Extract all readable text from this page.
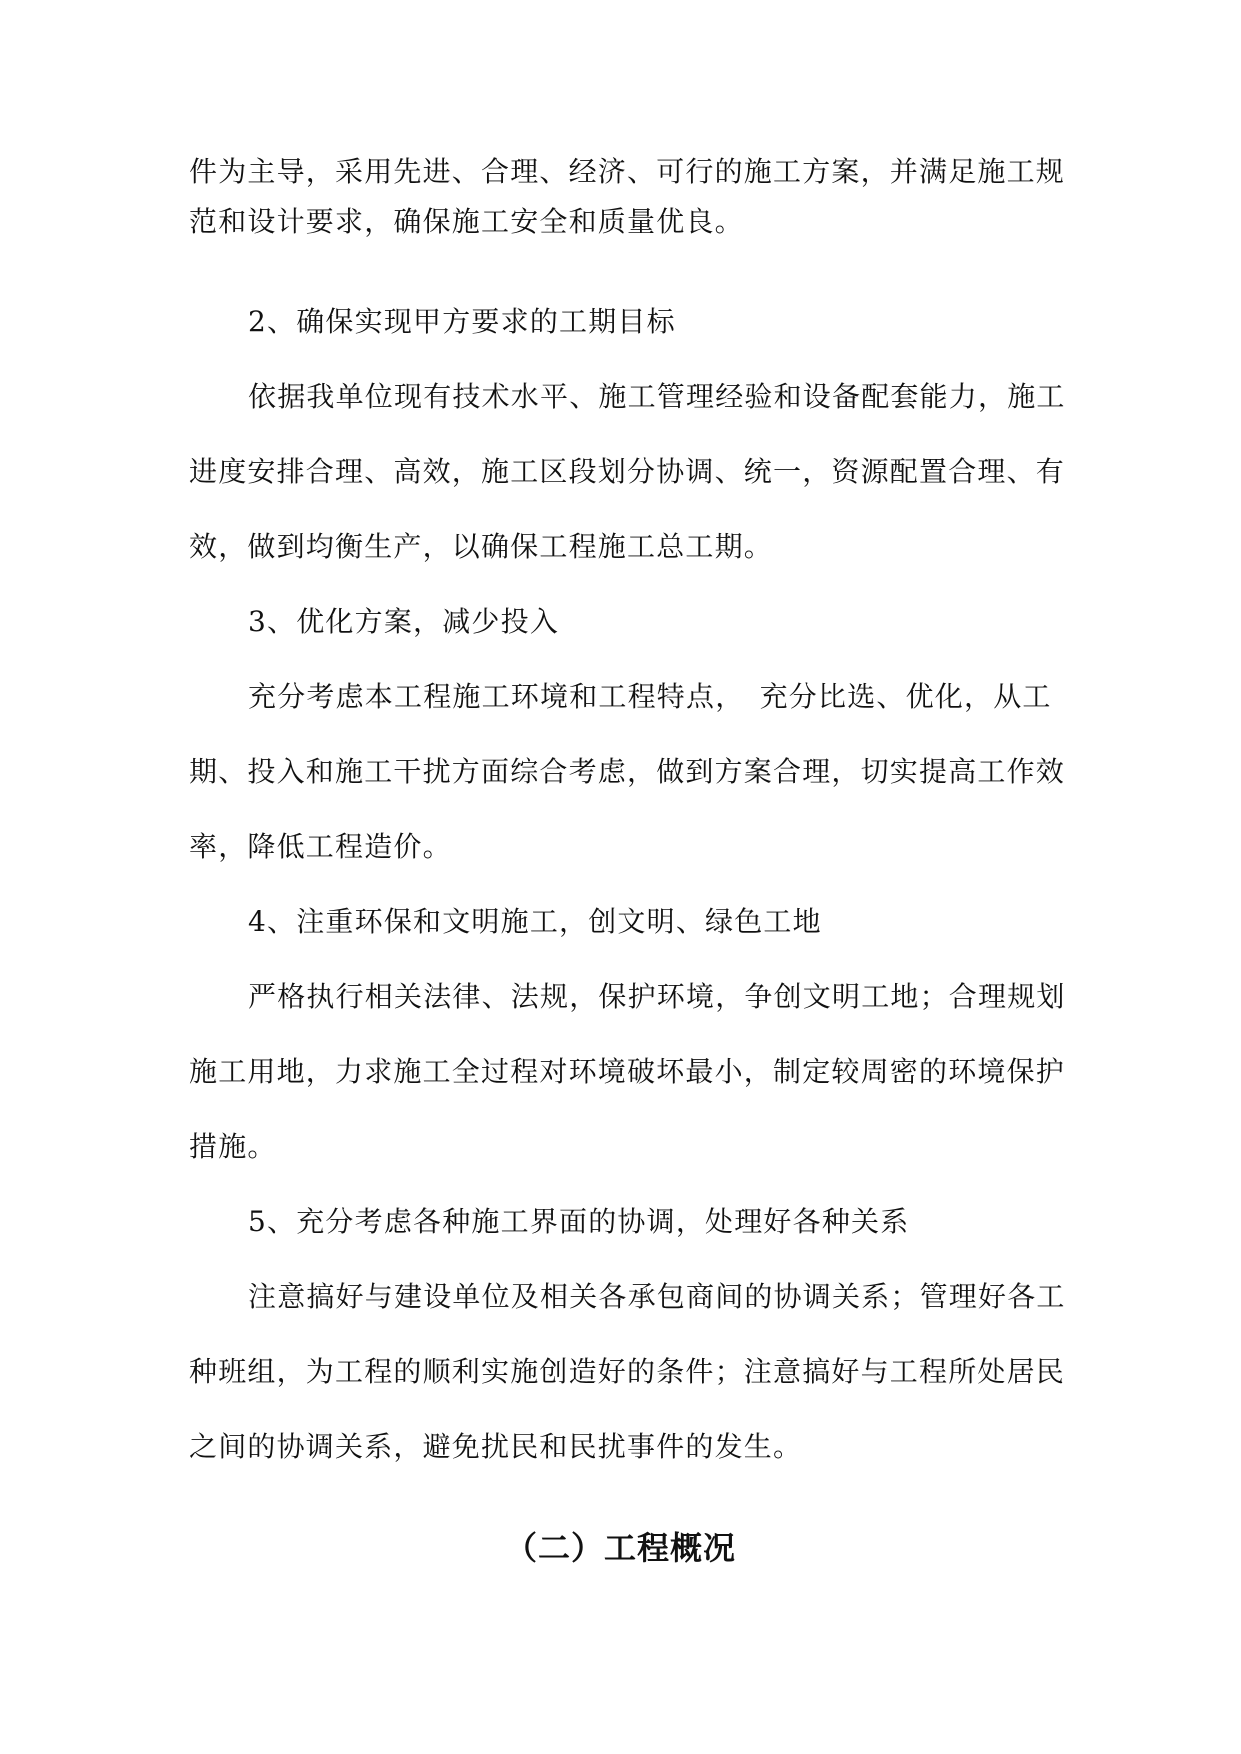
件为主导，采用先进、合理、经济、可行的施工方案，并满足施工规
范和设计要求，确保施工安全和质量优良。
2、确保实现甲方要求的工期目标
依据我单位现有技术水平、施工管理经验和设备配套能力，施工
进度安排合理、高效，施工区段划分协调、统一，资源配置合理、有
效，做到均衡生产，以确保工程施工总工期。
3、优化方案，减少投入
充分考虑本工程施工环境和工程特点，　充分比选、优化，从工
期、投入和施工干扰方面综合考虑，做到方案合理，切实提高工作效
率，降低工程造价。
4、注重环保和文明施工，创文明、绿色工地
严格执行相关法律、法规，保护环境，争创文明工地；合理规划
施工用地，力求施工全过程对环境破坏最小，制定较周密的环境保护
措施。
5、充分考虑各种施工界面的协调，处理好各种关系
注意搞好与建设单位及相关各承包商间的协调关系；管理好各工
种班组，为工程的顺利实施创造好的条件；注意搞好与工程所处居民
之间的协调关系，避免扰民和民扰事件的发生。
（二）工程概况
